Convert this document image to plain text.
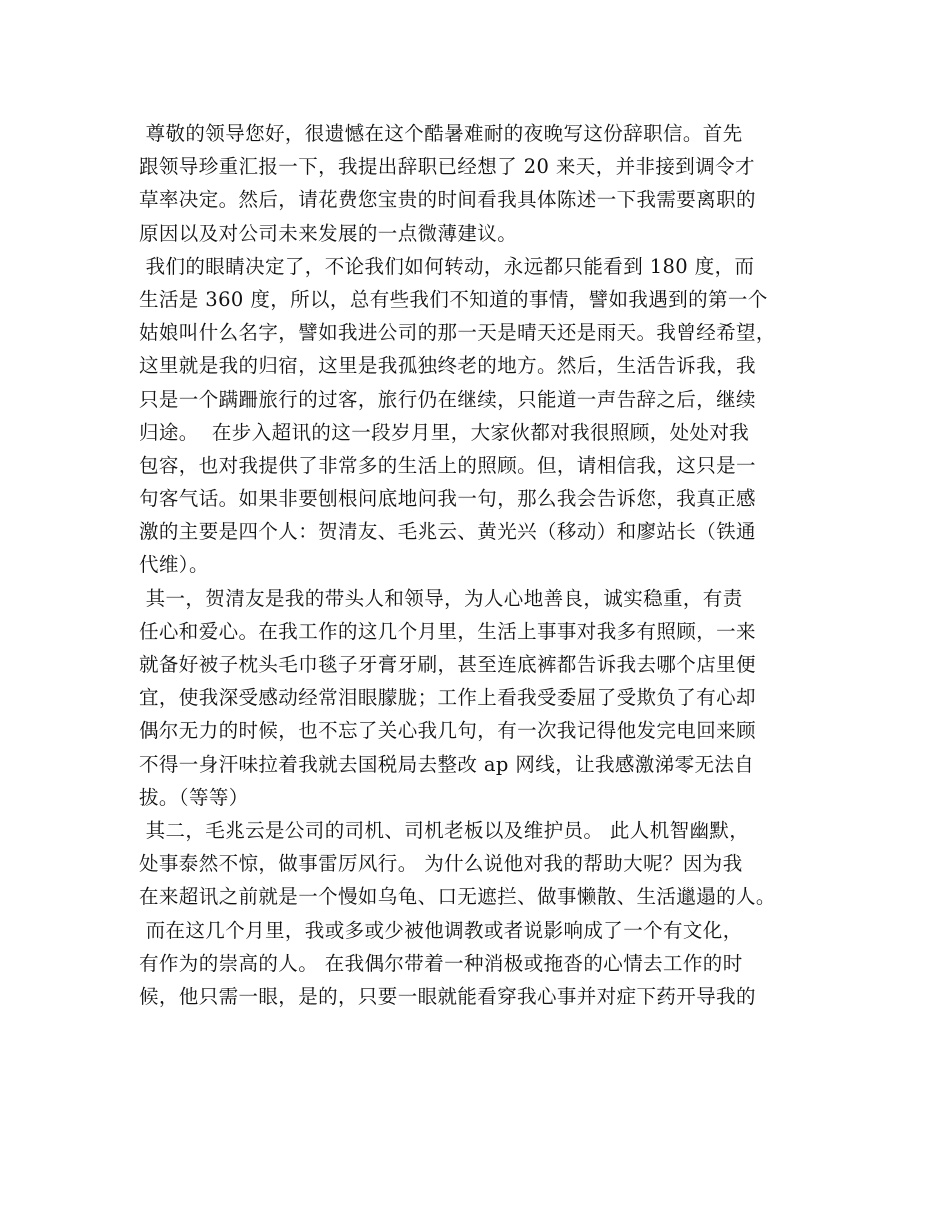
尊敬的领导您好，很遗憾在这个酷暑难耐的夜晚写这份辞职信。首先
跟领导珍重汇报一下，我提出辞职已经想了 20 来天，并非接到调令才
草率决定。然后，请花费您宝贵的时间看我具体陈述一下我需要离职的
原因以及对公司未来发展的一点微薄建议。
我们的眼睛决定了，不论我们如何转动，永远都只能看到 180 度，而
生活是 360 度，所以，总有些我们不知道的事情，譬如我遇到的第一个
姑娘叫什么名字，譬如我进公司的那一天是晴天还是雨天。我曾经希望，
这里就是我的归宿，这里是我孤独终老的地方。然后，生活告诉我，我
只是一个蹒跚旅行的过客，旅行仍在继续，只能道一声告辞之后，继续
归途。  在步入超讯的这一段岁月里，大家伙都对我很照顾，处处对我
包容，也对我提供了非常多的生活上的照顾。但，请相信我，这只是一
句客气话。如果非要刨根问底地问我一句，那么我会告诉您，我真正感
激的主要是四个人：贺清友、毛兆云、黄光兴（移动）和廖站长（铁通
代维）。
其一，贺清友是我的带头人和领导，为人心地善良，诚实稳重，有责
任心和爱心。在我工作的这几个月里，生活上事事对我多有照顾，一来
就备好被子枕头毛巾毯子牙膏牙刷，甚至连底裤都告诉我去哪个店里便
宜，使我深受感动经常泪眼朦胧；工作上看我受委屈了受欺负了有心却
偶尔无力的时候，也不忘了关心我几句，有一次我记得他发完电回来顾
不得一身汗味拉着我就去国税局去整改 ap 网线，让我感激涕零无法自
拔。（等等）
其二，毛兆云是公司的司机、司机老板以及维护员。 此人机智幽默，
处事泰然不惊，做事雷厉风行。 为什么说他对我的帮助大呢？因为我
在来超讯之前就是一个慢如乌龟、口无遮拦、做事懒散、生活邋遢的人。
而在这几个月里，我或多或少被他调教或者说影响成了一个有文化，
有作为的崇高的人。 在我偶尔带着一种消极或拖沓的心情去工作的时
候，他只需一眼，是的，只要一眼就能看穿我心事并对症下药开导我的
